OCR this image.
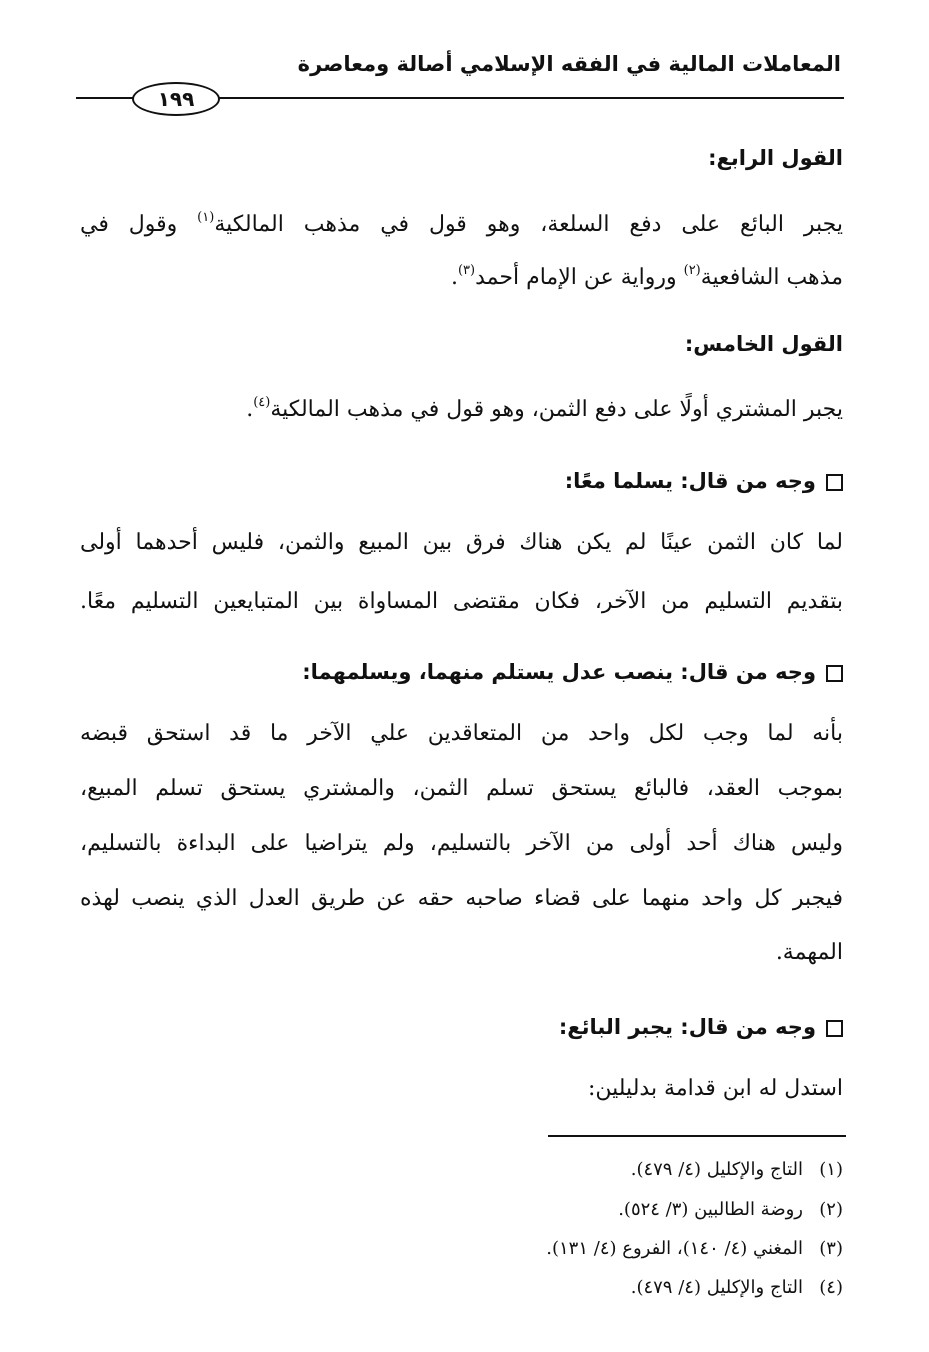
المعاملات المالية في الفقه الإسلامي أصالة ومعاصرة
١٩٩
القول الرابع:
يجبر البائع على دفع السلعة، وهو قول في مذهب المالكية$^{(١)}$ وقول في
مذهب الشافعية$^{(٢)}$ ورواية عن الإمام أحمد$^{(٣)}$.
القول الخامس:
يجبر المشتري أولًا على دفع الثمن، وهو قول في مذهب المالكية$^{(٤)}$.
وجه من قال: يسلما معًا:
لما كان الثمن عينًا لم يكن هناك فرق بين المبيع والثمن، فليس أحدهما أولى
بتقديم التسليم من الآخر، فكان مقتضى المساواة بين المتبايعين التسليم معًا.
وجه من قال: ينصب عدل يستلم منهما، ويسلمهما:
بأنه لما وجب لكل واحد من المتعاقدين علي الآخر ما قد استحق قبضه
بموجب العقد، فالبائع يستحق تسلم الثمن، والمشتري يستحق تسلم المبيع،
وليس هناك أحد أولى من الآخر بالتسليم، ولم يتراضيا على البداءة بالتسليم،
فيجبر كل واحد منهما على قضاء صاحبه حقه عن طريق العدل الذي ينصب لهذه
المهمة.
وجه من قال: يجبر البائع:
استدل له ابن قدامة بدليلين:
(١)التاج والإكليل (٤/ ٤٧٩).
(٢)روضة الطالبين (٣/ ٥٢٤).
(٣)المغني (٤/ ١٤٠)، الفروع (٤/ ١٣١).
(٤)التاج والإكليل (٤/ ٤٧٩).
